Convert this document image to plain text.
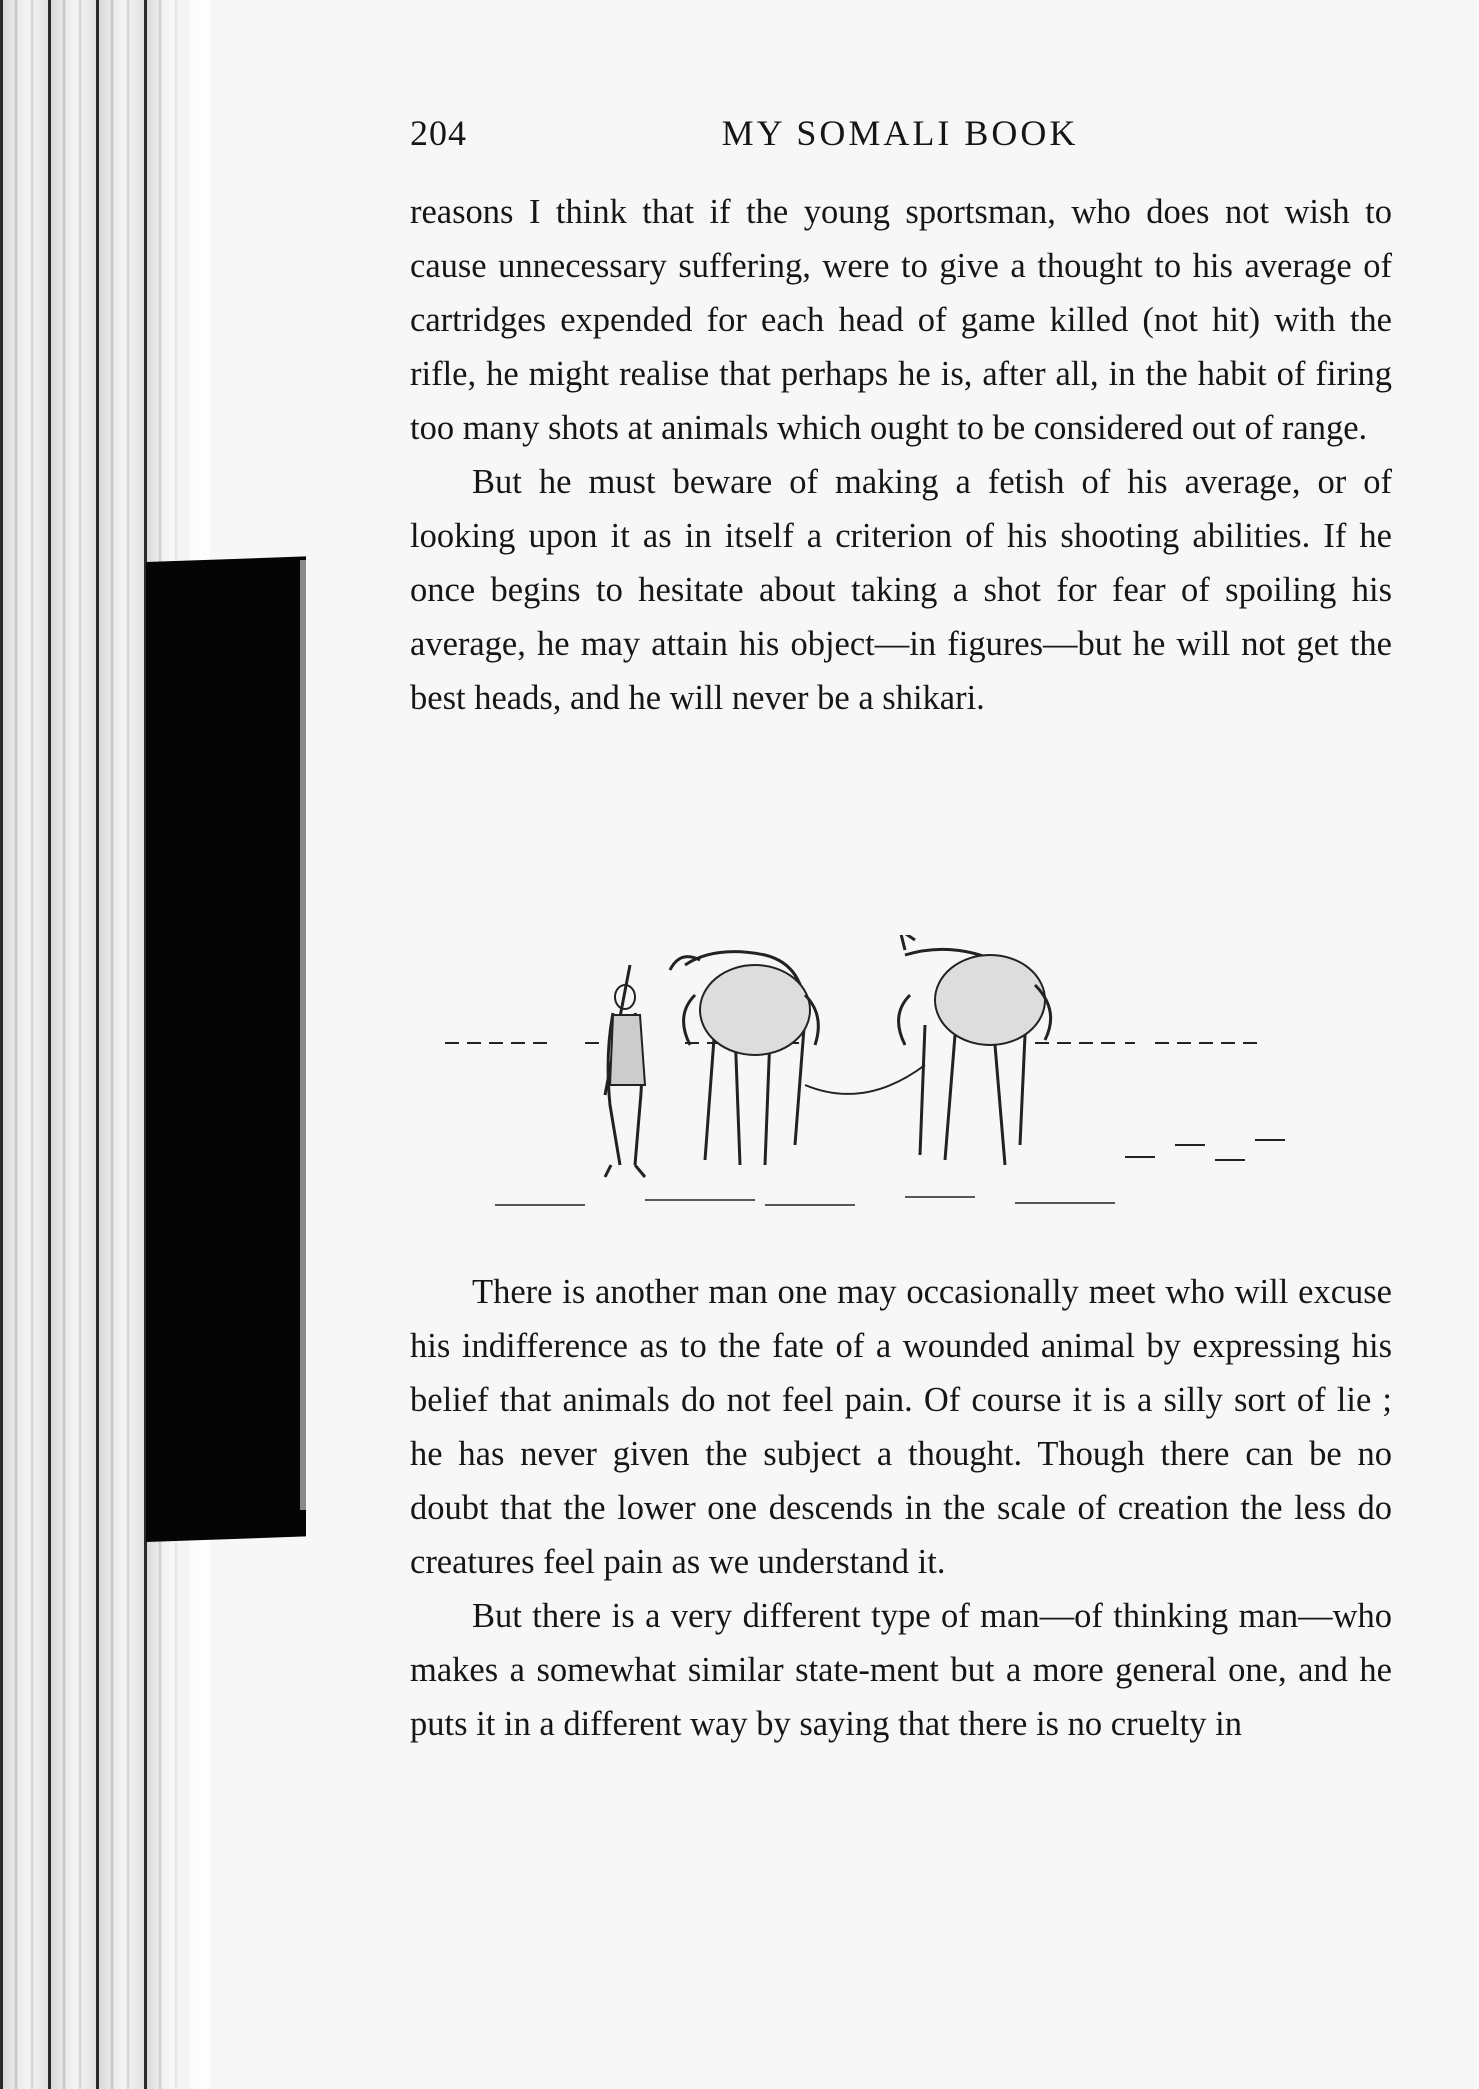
204	MY SOMALI BOOK

reasons I think that if the young sportsman, who does not wish to cause unnecessary suffering, were to give a thought to his average of cartridges expended for each head of game killed (not hit) with the rifle, he might realise that perhaps he is, after all, in the habit of firing too many shots at animals which ought to be considered out of range.

But he must beware of making a fetish of his average, or of looking upon it as in itself a criterion of his shooting abilities. If he once begins to hesitate about taking a shot for fear of spoiling his average, he may attain his object—in figures—but he will not get the best heads, and he will never be a shikari.

There is another man one may occasionally meet who will excuse his indifference as to the fate of a wounded animal by expressing his belief that animals do not feel pain. Of course it is a silly sort of lie ; he has never given the subject a thought. Though there can be no doubt that the lower one descends in the scale of creation the less do creatures feel pain as we understand it.

But there is a very different type of man—of thinking man—who makes a somewhat similar state-ment but a more general one, and he puts it in a different way by saying that there is no cruelty in
